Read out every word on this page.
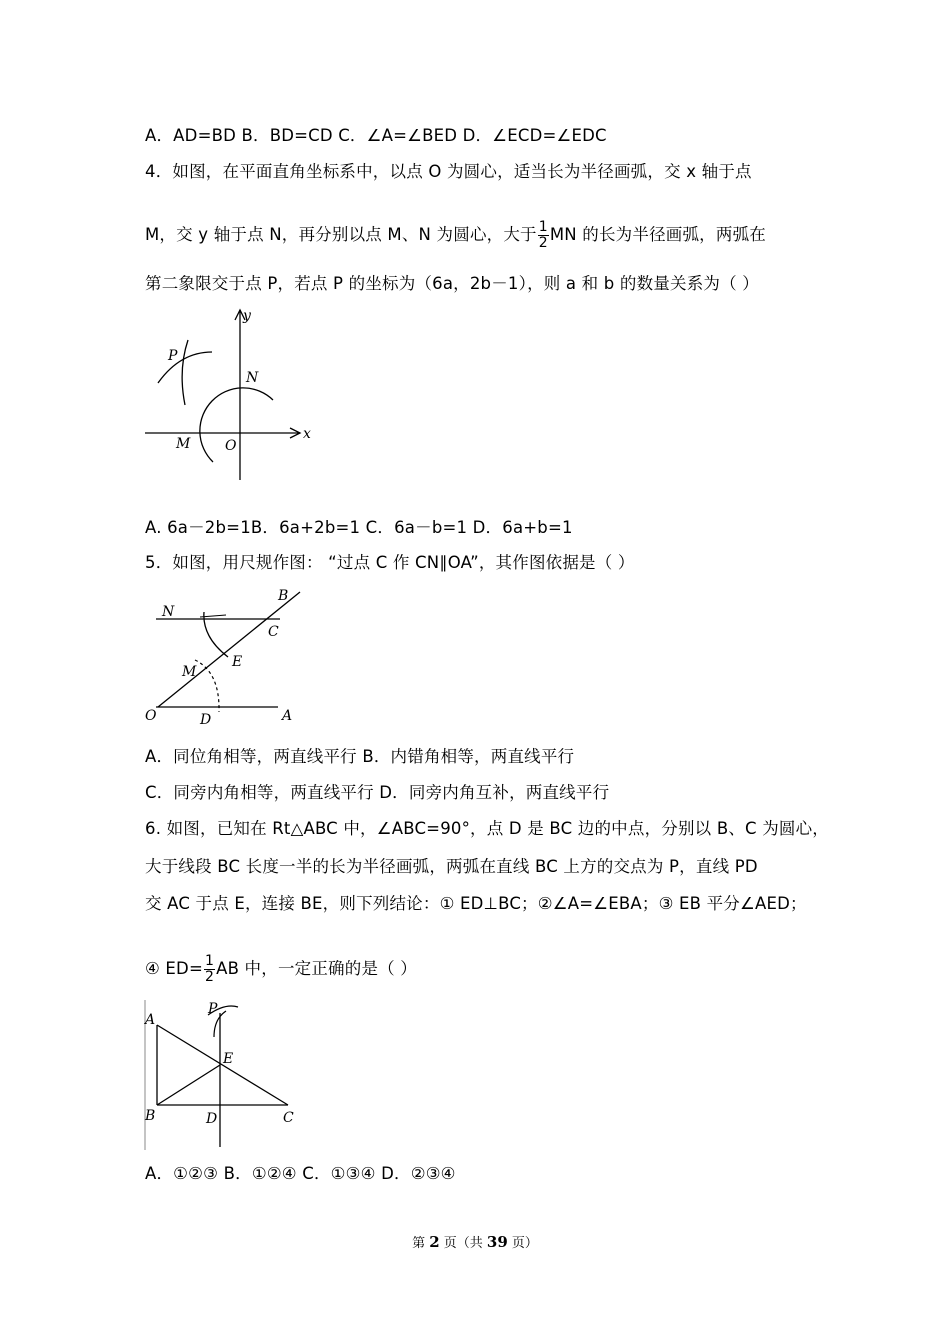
A．AD=BD B．BD=CD C．∠A=∠BED D．∠ECD=∠EDC
4．如图，在平面直角坐标系中，以点 O 为圆心，适当长为半径画弧，交 x 轴于点
M，交 y 轴于点 N，再分别以点 M、N 为圆心，大于 $\frac{1}{2}$ MN 的长为半径画弧，两弧在
第二象限交于点 P，若点 P 的坐标为（6a，2b－1），则 a 和 b 的数量关系为（ ）
y
x
P
N
M O
A. 6a－2b=1B．6a+2b=1 C．6a－b=1 D．6a+b=1
5．如图，用尺规作图： “过点 C 作 CN∥OA”，其作图依据是（ ）
N
B
C
E
M
O	D	A
A．同位角相等，两直线平行 B．内错角相等，两直线平行
C．同旁内角相等，两直线平行 D．同旁内角互补，两直线平行
6. 如图，已知在 Rt△ABC 中，∠ABC=90°，点 D 是 BC 边的中点，分别以 B、C 为圆心，
大于线段 BC 长度一半的长为半径画弧，两弧在直线 BC 上方的交点为 P，直线 PD
交 AC 于点 E，连接 BE，则下列结论：① ED⊥BC；②∠A=∠EBA；③ EB 平分∠AED；
④ $ED= \frac{1}{2}$ AB 中，一定正确的是（ ）
A
P
E
B	D	C
A．①②③ B．①②④ C．①③④ D．②③④
第 2 页（共 39 页）
